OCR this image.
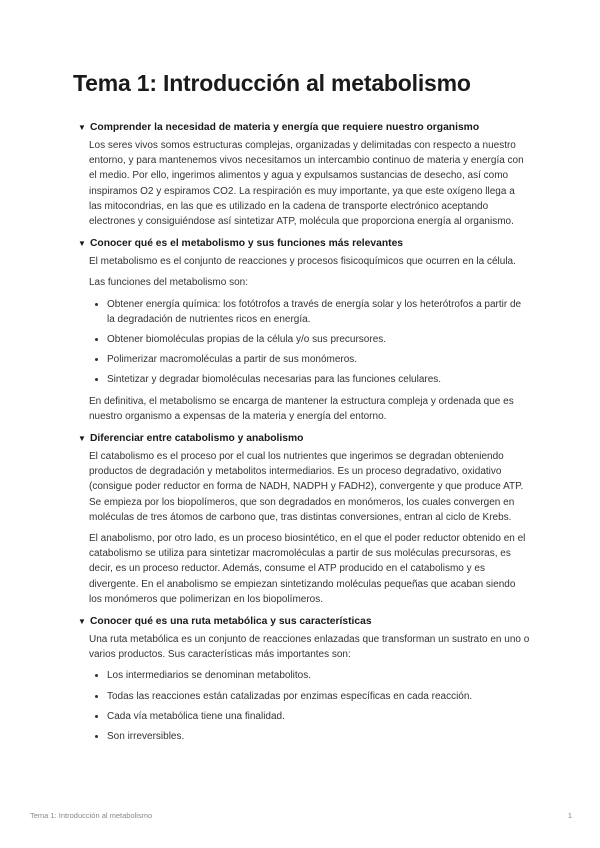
Tema 1: Introducción al metabolismo
▼ Comprender la necesidad de materia y energía que requiere nuestro organismo

Los seres vivos somos estructuras complejas, organizadas y delimitadas con respecto a nuestro entorno, y para mantenemos vivos necesitamos un intercambio continuo de materia y energía con el medio. Por ello, ingerimos alimentos y agua y expulsamos sustancias de desecho, así como inspiramos O2 y espiramos CO2. La respiración es muy importante, ya que este oxígeno llega a las mitocondrias, en las que es utilizado en la cadena de transporte electrónico aceptando electrones y consiguiéndose así sintetizar ATP, molécula que proporciona energía al organismo.

▼ Conocer qué es el metabolismo y sus funciones más relevantes

El metabolismo es el conjunto de reacciones y procesos fisicoquímicos que ocurren en la célula.

Las funciones del metabolismo son:

• Obtener energía química: los fotótrofos a través de energía solar y los heterótrofos a partir de la degradación de nutrientes ricos en energía.
• Obtener biomoléculas propias de la célula y/o sus precursores.
• Polimerizar macromoléculas a partir de sus monómeros.
• Sintetizar y degradar biomoléculas necesarias para las funciones celulares.

En definitiva, el metabolismo se encarga de mantener la estructura compleja y ordenada que es nuestro organismo a expensas de la materia y energía del entorno.

▼ Diferenciar entre catabolismo y anabolismo

El catabolismo es el proceso por el cual los nutrientes que ingerimos se degradan obteniendo productos de degradación y metabolitos intermediarios. Es un proceso degradativo, oxidativo (consigue poder reductor en forma de NADH, NADPH y FADH2), convergente y que produce ATP. Se empieza por los biopolímeros, que son degradados en monómeros, los cuales convergen en moléculas de tres átomos de carbono que, tras distintas conversiones, entran al ciclo de Krebs.

El anabolismo, por otro lado, es un proceso biosintético, en el que el poder reductor obtenido en el catabolismo se utiliza para sintetizar macromoléculas a partir de sus moléculas precursoras, es decir, es un proceso reductor. Además, consume el ATP producido en el catabolismo y es divergente. En el anabolismo se empiezan sintetizando moléculas pequeñas que acaban siendo los monómeros que polimerizan en los biopolímeros.

▼ Conocer qué es una ruta metabólica y sus características

Una ruta metabólica es un conjunto de reacciones enlazadas que transforman un sustrato en uno o varios productos. Sus características más importantes son:

• Los intermediarios se denominan metabolitos.
• Todas las reacciones están catalizadas por enzimas específicas en cada reacción.
• Cada vía metabólica tiene una finalidad.
• Son irreversibles.
Tema 1: Introducción al metabolismo	1
